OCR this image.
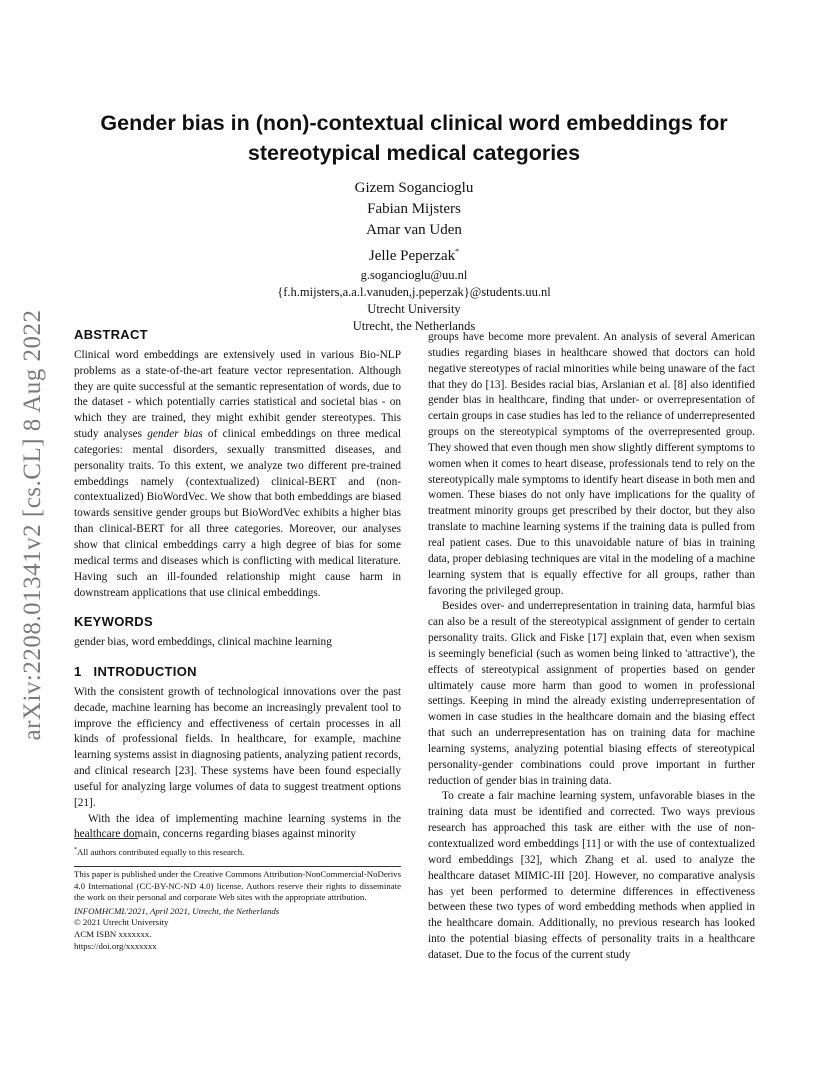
arXiv:2208.01341v2 [cs.CL] 8 Aug 2022
Gender bias in (non)-contextual clinical word embeddings for
stereotypical medical categories
Gizem Sogancioglu
Fabian Mijsters
Amar van Uden
Jelle Peperzak*
g.sogancioglu@uu.nl
{f.h.mijsters,a.a.l.vanuden,j.peperzak}@students.uu.nl
Utrecht University
Utrecht, the Netherlands
ABSTRACT

Clinical word embeddings are extensively used in various Bio-NLP problems as a state-of-the-art feature vector representation. Although they are quite successful at the semantic representation of words, due to the dataset - which potentially carries statistical and societal bias - on which they are trained, they might exhibit gender stereotypes. This study analyses gender bias of clinical embeddings on three medical categories: mental disorders, sexually transmitted diseases, and personality traits. To this extent, we analyze two different pre-trained embeddings namely (contextualized) clinical-BERT and (non-contextualized) BioWordVec. We show that both embeddings are biased towards sensitive gender groups but BioWordVec exhibits a higher bias than clinical-BERT for all three categories. Moreover, our analyses show that clinical embeddings carry a high degree of bias for some medical terms and diseases which is conflicting with medical literature. Having such an ill-founded relationship might cause harm in downstream applications that use clinical embeddings.

KEYWORDS

gender bias, word embeddings, clinical machine learning

1 INTRODUCTION

With the consistent growth of technological innovations over the past decade, machine learning has become an increasingly prevalent tool to improve the efficiency and effectiveness of certain processes in all kinds of professional fields. In healthcare, for example, machine learning systems assist in diagnosing patients, analyzing patient records, and clinical research [23]. These systems have been found especially useful for analyzing large volumes of data to suggest treatment options [21].

With the idea of implementing machine learning systems in the healthcare domain, concerns regarding biases against minority

groups have become more prevalent. An analysis of several American studies regarding biases in healthcare showed that doctors can hold negative stereotypes of racial minorities while being unaware of the fact that they do [13]. Besides racial bias, Arslanian et al. [8] also identified gender bias in healthcare, finding that under- or overrepresentation of certain groups in case studies has led to the reliance of underrepresented groups on the stereotypical symptoms of the overrepresented group. They showed that even though men show slightly different symptoms to women when it comes to heart disease, professionals tend to rely on the stereotypically male symptoms to identify heart disease in both men and women. These biases do not only have implications for the quality of treatment minority groups get prescribed by their doctor, but they also translate to machine learning systems if the training data is pulled from real patient cases. Due to this unavoidable nature of bias in training data, proper debiasing techniques are vital in the modeling of a machine learning system that is equally effective for all groups, rather than favoring the privileged group.

Besides over- and underrepresentation in training data, harmful bias can also be a result of the stereotypical assignment of gender to certain personality traits. Glick and Fiske [17] explain that, even when sexism is seemingly beneficial (such as women being linked to 'attractive'), the effects of stereotypical assignment of properties based on gender ultimately cause more harm than good to women in professional settings. Keeping in mind the already existing underrepresentation of women in case studies in the healthcare domain and the biasing effect that such an underrepresentation has on training data for machine learning systems, analyzing potential biasing effects of stereotypical personality-gender combinations could prove important in further reduction of gender bias in training data.

To create a fair machine learning system, unfavorable biases in the training data must be identified and corrected. Two ways previous research has approached this task are either with the use of non-contextualized word embeddings [11] or with the use of contextualized word embeddings [32], which Zhang et al. used to analyze the healthcare dataset MIMIC-III [20]. However, no comparative analysis has yet been performed to determine differences in effectiveness between these two types of word embedding methods when applied in the healthcare domain. Additionally, no previous research has looked into the potential biasing effects of personality traits in a healthcare dataset. Due to the focus of the current study

*All authors contributed equally to this research.
This paper is published under the Creative Commons Attribution-NonCommercial-NoDerivs 4.0 International (CC-BY-NC-ND 4.0) license. Authors reserve their rights to disseminate the work on their personal and corporate Web sites with the appropriate attribution.
INFOMHCML'2021, April 2021, Utrecht, the Netherlands
© 2021 Utrecht University
ACM ISBN xxxxxxx.
https://doi.org/xxxxxxx
